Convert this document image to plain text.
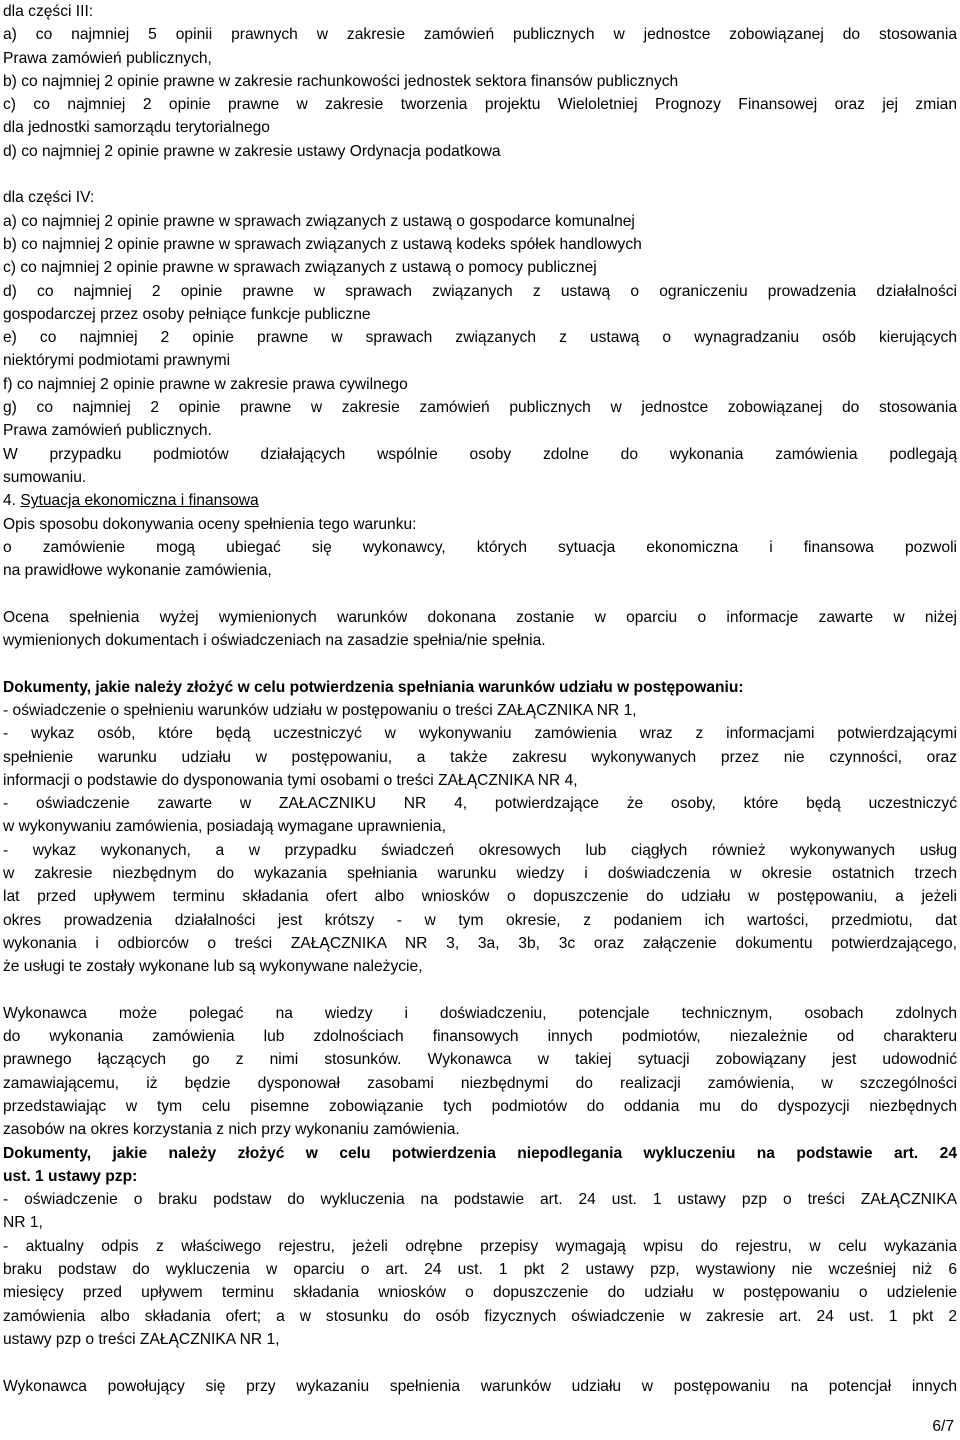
dla części III:
a) co najmniej 5 opinii prawnych w zakresie zamówień publicznych w jednostce zobowiązanej do stosowania
Prawa zamówień publicznych,
b) co najmniej 2 opinie prawne w zakresie rachunkowości jednostek sektora finansów publicznych
c) co najmniej 2 opinie prawne w zakresie tworzenia projektu Wieloletniej Prognozy Finansowej oraz jej zmian
dla jednostki samorządu terytorialnego
d) co najmniej 2 opinie prawne w zakresie ustawy Ordynacja podatkowa
dla części IV:
a) co najmniej 2 opinie prawne w sprawach związanych z ustawą o gospodarce komunalnej
b) co najmniej 2 opinie prawne w sprawach związanych z ustawą kodeks spółek handlowych
c) co najmniej 2 opinie prawne w sprawach związanych z ustawą o pomocy publicznej
d) co najmniej 2 opinie prawne w sprawach związanych z ustawą o ograniczeniu prowadzenia działalności
gospodarczej przez osoby pełniące funkcje publiczne
e) co najmniej 2 opinie prawne w sprawach związanych z ustawą o wynagradzaniu osób kierujących
niektórymi podmiotami prawnymi
f) co najmniej 2 opinie prawne w zakresie prawa cywilnego
g) co najmniej 2 opinie prawne w zakresie zamówień publicznych w jednostce zobowiązanej do stosowania
Prawa zamówień publicznych.
W przypadku podmiotów działających wspólnie osoby zdolne do wykonania zamówienia podlegają
sumowaniu.
4. Sytuacja ekonomiczna i finansowa
Opis sposobu dokonywania oceny spełnienia tego warunku:
o zamówienie mogą ubiegać się wykonawcy, których sytuacja ekonomiczna i finansowa pozwoli
na prawidłowe wykonanie zamówienia,
Ocena spełnienia wyżej wymienionych warunków dokonana zostanie w oparciu o informacje zawarte w niżej
wymienionych dokumentach i oświadczeniach na zasadzie spełnia/nie spełnia.
Dokumenty, jakie należy złożyć w celu potwierdzenia spełniania warunków udziału w postępowaniu:
- oświadczenie o spełnieniu warunków udziału w postępowaniu o treści ZAŁĄCZNIKA NR 1,
- wykaz osób, które będą uczestniczyć w wykonywaniu zamówienia wraz z informacjami potwierdzającymi
spełnienie warunku udziału w postępowaniu, a także zakresu wykonywanych przez nie czynności, oraz
informacji o podstawie do dysponowania tymi osobami o treści ZAŁĄCZNIKA NR 4,
- oświadczenie zawarte w ZAŁACZNIKU NR 4, potwierdzające że osoby, które będą uczestniczyć
w wykonywaniu zamówienia, posiadają wymagane uprawnienia,
- wykaz wykonanych, a w przypadku świadczeń okresowych lub ciągłych również wykonywanych usług
w zakresie niezbędnym do wykazania spełniania warunku wiedzy i doświadczenia w okresie ostatnich trzech
lat przed upływem terminu składania ofert albo wniosków o dopuszczenie do udziału w postępowaniu, a jeżeli
okres prowadzenia działalności jest krótszy - w tym okresie, z podaniem ich wartości, przedmiotu, dat
wykonania i odbiorców o treści ZAŁĄCZNIKA NR 3, 3a, 3b, 3c oraz załączenie dokumentu potwierdzającego,
że usługi te zostały wykonane lub są wykonywane należycie,
Wykonawca może polegać na wiedzy i doświadczeniu, potencjale technicznym, osobach zdolnych
do wykonania zamówienia lub zdolnościach finansowych innych podmiotów, niezależnie od charakteru
prawnego łączących go z nimi stosunków. Wykonawca w takiej sytuacji zobowiązany jest udowodnić
zamawiającemu, iż będzie dysponował zasobami niezbędnymi do realizacji zamówienia, w szczególności
przedstawiając w tym celu pisemne zobowiązanie tych podmiotów do oddania mu do dyspozycji niezbędnych
zasobów na okres korzystania z nich przy wykonaniu zamówienia.
Dokumenty, jakie należy złożyć w celu potwierdzenia niepodlegania wykluczeniu na podstawie art. 24
ust. 1 ustawy pzp:
- oświadczenie o braku podstaw do wykluczenia na podstawie art. 24 ust. 1 ustawy pzp o treści ZAŁĄCZNIKA
NR 1,
- aktualny odpis z właściwego rejestru, jeżeli odrębne przepisy wymagają wpisu do rejestru, w celu wykazania
braku podstaw do wykluczenia w oparciu o art. 24 ust. 1 pkt 2 ustawy pzp, wystawiony nie wcześniej niż 6
miesięcy przed upływem terminu składania wniosków o dopuszczenie do udziału w postępowaniu o udzielenie
zamówienia albo składania ofert; a w stosunku do osób fizycznych oświadczenie w zakresie art. 24 ust. 1 pkt 2
ustawy pzp o treści ZAŁĄCZNIKA NR 1,
Wykonawca powołujący się przy wykazaniu spełnienia warunków udziału w postępowaniu na potencjał innych
6/7
